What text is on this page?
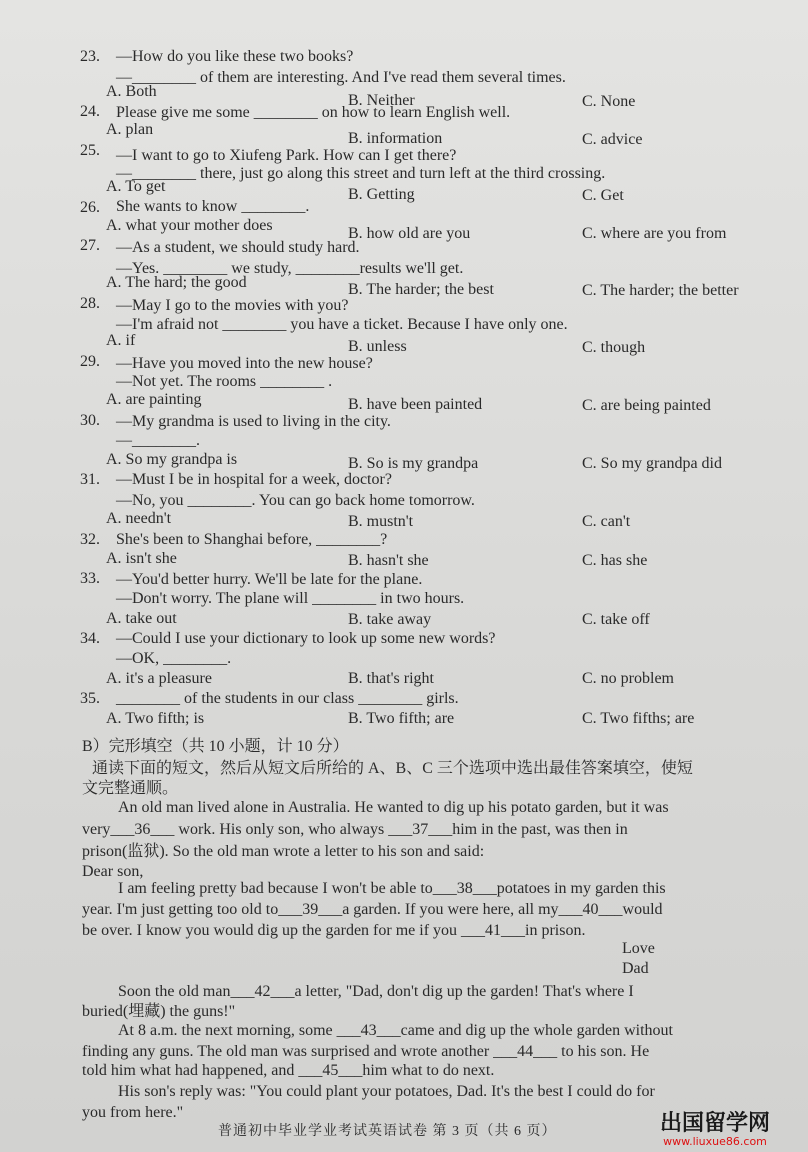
23. —How do you like these two books?
—________ of them are interesting. And I've read them several times.
A. Both
B. Neither	C. None
24. Please give me some ________ on how to learn English well.
A. plan
B. information	C. advice
25. —I want to go to Xiufeng Park. How can I get there?
—________ there, just go along this street and turn left at the third crossing.
A. To get	B. Getting	C. Get
26. She wants to know ________.
A. what your mother does	B. how old are you	C. where are you from
27. —As a student, we should study hard.
—Yes. ________ we study, ________results we'll get.
A. The hard; the good	B. The harder; the best	C. The harder; the better
28. —May I go to the movies with you?
—I'm afraid not ________ you have a ticket. Because I have only one.
A. if	B. unless	C. though
29. —Have you moved into the new house?
—Not yet. The rooms ________ .
A. are painting	B. have been painted	C. are being painted
30. —My grandma is used to living in the city.
—________.
A. So my grandpa is	B. So is my grandpa	C. So my grandpa did
31. —Must I be in hospital for a week, doctor?
—No, you ________. You can go back home tomorrow.
A. needn't	B. mustn't	C. can't
32. She's been to Shanghai before, ________?
A. isn't she	B. hasn't she	C. has she
33. —You'd better hurry. We'll be late for the plane.
—Don't worry. The plane will ________ in two hours.
A. take out	B. take away	C. take off
34. —Could I use your dictionary to look up some new words?
—OK, ________.
A. it's a pleasure	B. that's right	C. no problem
35. ________ of the students in our class ________ girls.
A. Two fifth; is	B. Two fifth; are	C. Two fifths; are
B）完形填空（共 10 小题，计 10 分）
通读下面的短文，然后从短文后所给的 A、B、C 三个选项中选出最佳答案填空，使短
文完整通顺。
An old man lived alone in Australia. He wanted to dig up his potato garden, but it was
very___36___ work. His only son, who always ___37___him in the past, was then in
prison(监狱). So the old man wrote a letter to his son and said:
Dear son,
I am feeling pretty bad because I won't be able to___38___potatoes in my garden this
year. I'm just getting too old to___39___a garden. If you were here, all my___40___would
be over. I know you would dig up the garden for me if you ___41___in prison.
Love
Dad
Soon the old man___42___a letter, "Dad, don't dig up the garden! That's where I
buried(埋藏) the guns!"
At 8 a.m. the next morning, some ___43___came and dig up the whole garden without
finding any guns. The old man was surprised and wrote another ___44___ to his son. He
told him what had happened, and ___45___him what to do next.
His son's reply was: "You could plant your potatoes, Dad. It's the best I could do for
you from here."
普通初中毕业学业考试英语试卷 第 3 页（共 6 页）	出国留学网
www.liuxue86.com
